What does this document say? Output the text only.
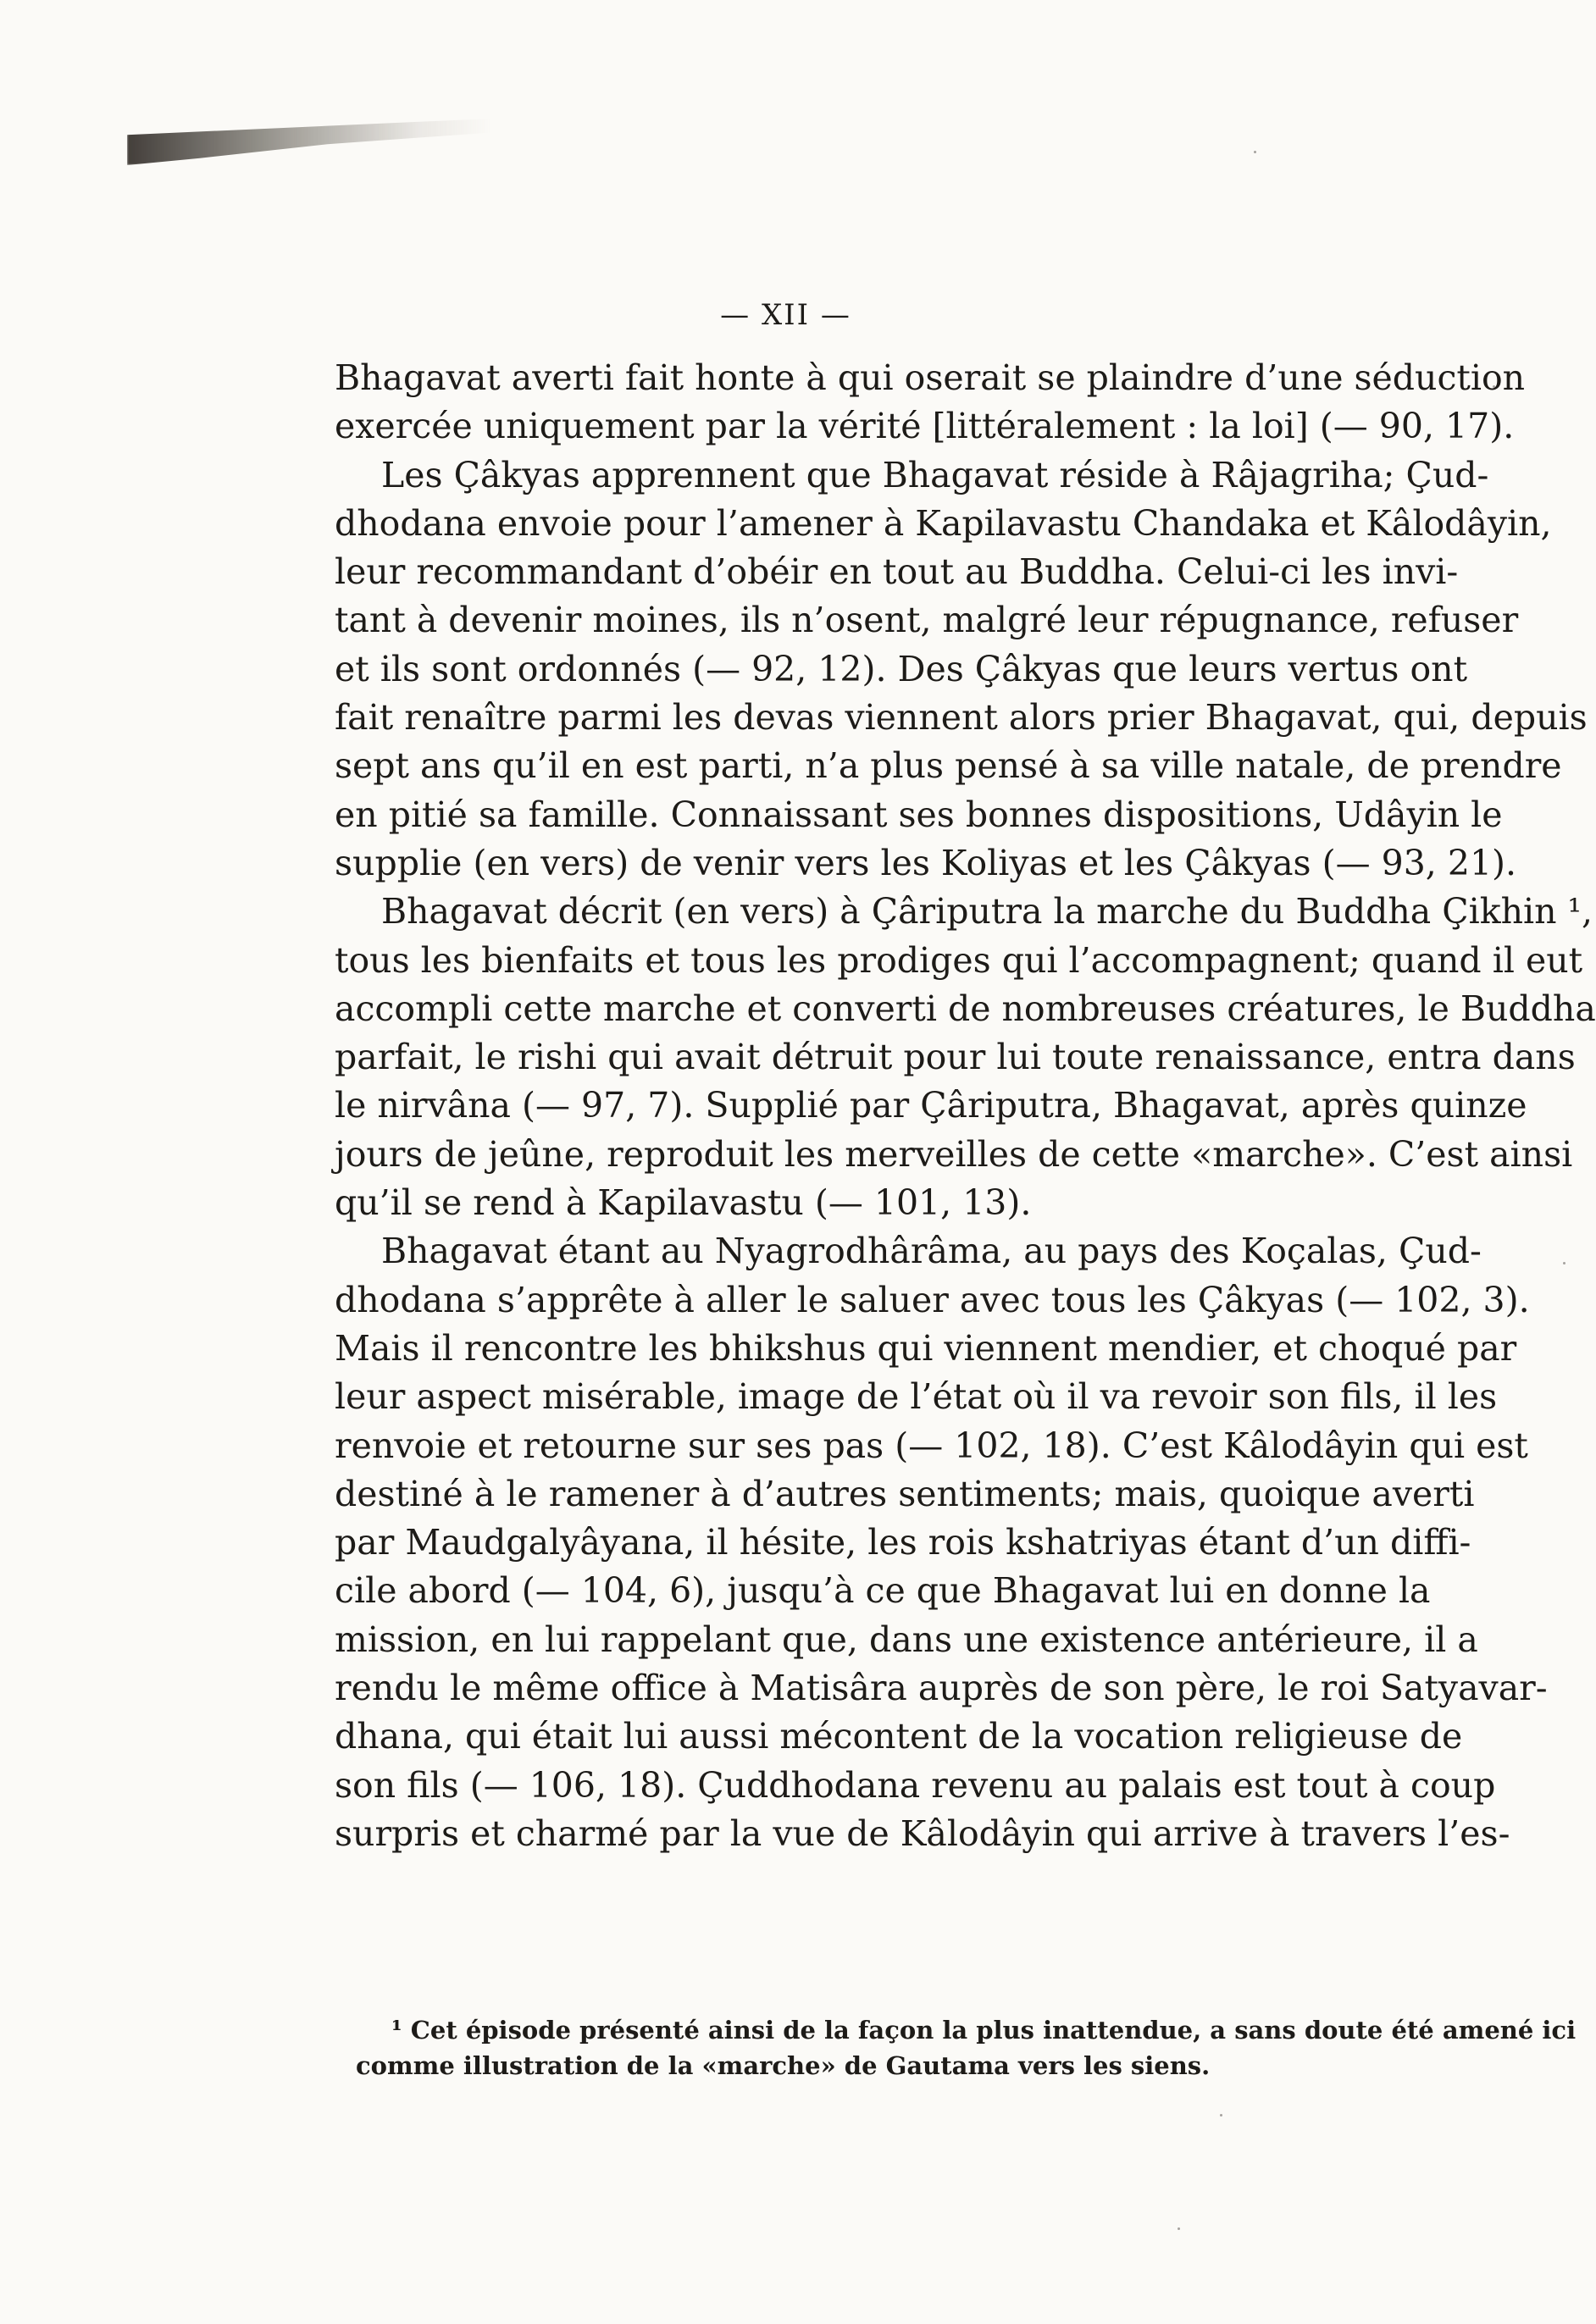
— XII —
Bhagavat averti fait honte à qui oserait se plaindre d’une séduction
exercée uniquement par la vérité [littéralement : la loi] (— 90, 17).
Les Çâkyas apprennent que Bhagavat réside à Râjagriha; Çud-
dhodana envoie pour l’amener à Kapilavastu Chandaka et Kâlodâyin,
leur recommandant d’obéir en tout au Buddha. Celui-ci les invi-
tant à devenir moines, ils n’osent, malgré leur répugnance, refuser
et ils sont ordonnés (— 92, 12). Des Çâkyas que leurs vertus ont
fait renaître parmi les devas viennent alors prier Bhagavat, qui, depuis
sept ans qu’il en est parti, n’a plus pensé à sa ville natale, de prendre
en pitié sa famille. Connaissant ses bonnes dispositions, Udâyin le
supplie (en vers) de venir vers les Koliyas et les Çâkyas (— 93, 21).
Bhagavat décrit (en vers) à Çâriputra la marche du Buddha Çikhin ¹,
tous les bienfaits et tous les prodiges qui l’accompagnent; quand il eut
accompli cette marche et converti de nombreuses créatures, le Buddha
parfait, le rishi qui avait détruit pour lui toute renaissance, entra dans
le nirvâna (— 97, 7). Supplié par Çâriputra, Bhagavat, après quinze
jours de jeûne, reproduit les merveilles de cette «marche». C’est ainsi
qu’il se rend à Kapilavastu (— 101, 13).
Bhagavat étant au Nyagrodhârâma, au pays des Koçalas, Çud-
dhodana s’apprête à aller le saluer avec tous les Çâkyas (— 102, 3).
Mais il rencontre les bhikshus qui viennent mendier, et choqué par
leur aspect misérable, image de l’état où il va revoir son fils, il les
renvoie et retourne sur ses pas (— 102, 18). C’est Kâlodâyin qui est
destiné à le ramener à d’autres sentiments; mais, quoique averti
par Maudgalyâyana, il hésite, les rois kshatriyas étant d’un diffi-
cile abord (— 104, 6), jusqu’à ce que Bhagavat lui en donne la
mission, en lui rappelant que, dans une existence antérieure, il a
rendu le même office à Matisâra auprès de son père, le roi Satyavar-
dhana, qui était lui aussi mécontent de la vocation religieuse de
son fils (— 106, 18). Çuddhodana revenu au palais est tout à coup
surpris et charmé par la vue de Kâlodâyin qui arrive à travers l’es-
¹ Cet épisode présenté ainsi de la façon la plus inattendue, a sans doute été amené ici
comme illustration de la «marche» de Gautama vers les siens.
